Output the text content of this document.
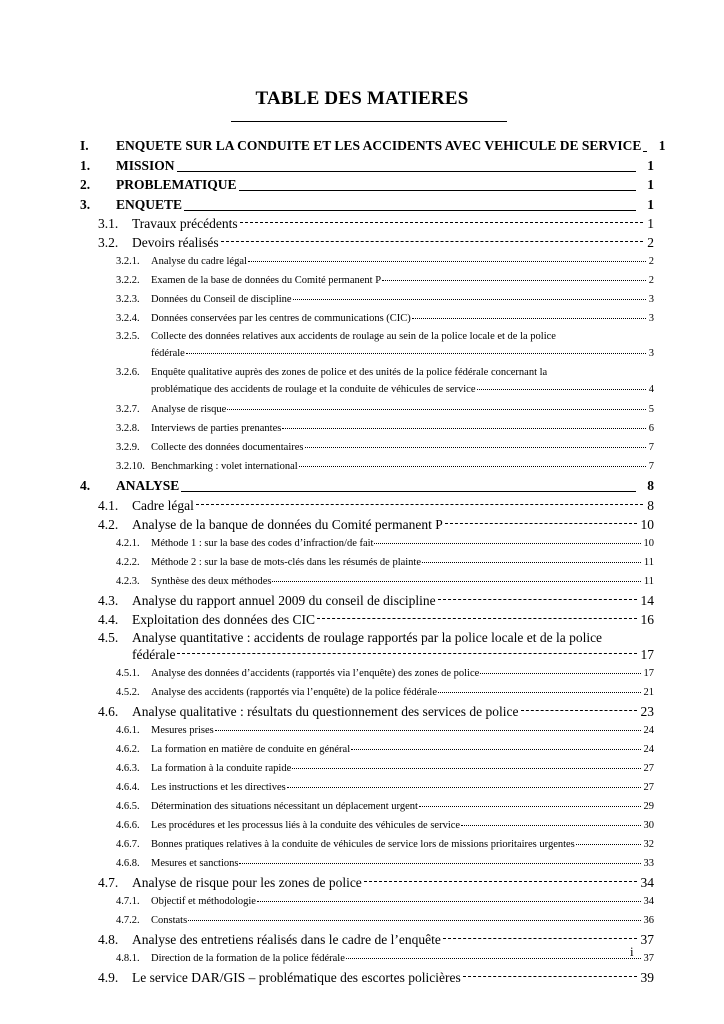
TABLE DES MATIERES
I.	ENQUETE SUR LA CONDUITE ET LES ACCIDENTS AVEC VEHICULE DE SERVICE	1
1.	MISSION	1
2.	PROBLEMATIQUE	1
3.	ENQUETE	1
3.1.	Travaux précédents	1
3.2.	Devoirs réalisés	2
3.2.1.	Analyse du cadre légal	2
3.2.2.	Examen de la base de données du Comité permanent P	2
3.2.3.	Données du Conseil de discipline	3
3.2.4.	Données conservées par les centres de communications (CIC)	3
3.2.5.	Collecte des données relatives aux accidents de roulage au sein de la police locale et de la police
fédérale	3
3.2.6.	Enquête qualitative auprès des zones de police et des unités de la police fédérale concernant la
problématique des accidents de roulage et la conduite de véhicules de service	4
3.2.7.	Analyse de risque	5
3.2.8.	Interviews de parties prenantes	6
3.2.9.	Collecte des données documentaires	7
3.2.10. Benchmarking : volet international	7
4.	ANALYSE	8
4.1.	Cadre légal	8
4.2.	Analyse de la banque de données du Comité permanent P	10
4.2.1.	Méthode 1 : sur la base des codes d’infraction/de fait	10
4.2.2.	Méthode 2 : sur la base de mots-clés dans les résumés de plainte	11
4.2.3.	Synthèse des deux méthodes	11
4.3.	Analyse du rapport annuel 2009 du conseil de discipline	14
4.4.	Exploitation des données des CIC	16
4.5.	Analyse quantitative : accidents de roulage rapportés par la police locale et de la police
fédérale	17
4.5.1.	Analyse des données d’accidents (rapportés via l’enquête) des zones de police	17
4.5.2.	Analyse des accidents (rapportés via l’enquête) de la police fédérale	21
4.6.	Analyse qualitative : résultats du questionnement des services de police	23
4.6.1.	Mesures prises	24
4.6.2.	La formation en matière de conduite en général	24
4.6.3.	La formation à la conduite rapide	27
4.6.4.	Les instructions et les directives	27
4.6.5.	Détermination des situations nécessitant un déplacement urgent	29
4.6.6.	Les procédures et les processus liés à la conduite des véhicules de service	30
4.6.7.	Bonnes pratiques relatives à la conduite de véhicules de service lors de missions prioritaires urgentes	32
4.6.8.	Mesures et sanctions	33
4.7.	Analyse de risque pour les zones de police	34
4.7.1.	Objectif et méthodologie	34
4.7.2.	Constats	36
4.8.	Analyse des entretiens réalisés dans le cadre de l’enquête	37
4.8.1.	Direction de la formation de la police fédérale	37
4.9.	Le service DAR/GIS – problématique des escortes policières	39
i
